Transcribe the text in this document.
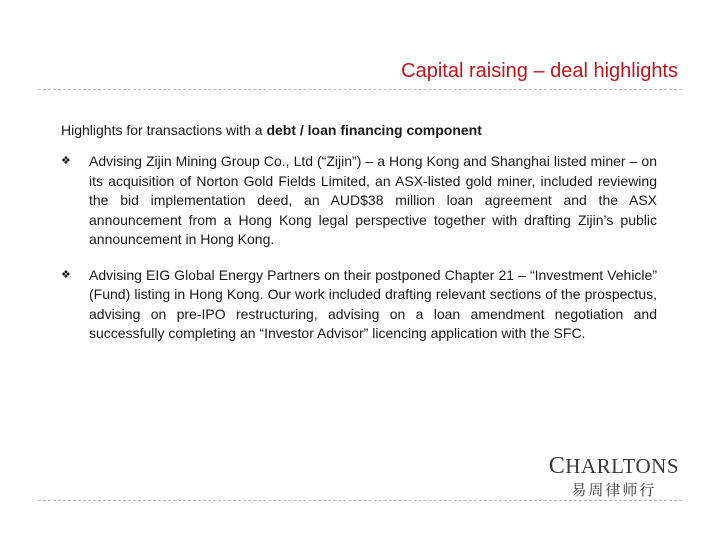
Capital raising – deal highlights

Highlights for transactions with a debt / loan financing component

❖ Advising Zijin Mining Group Co., Ltd (“Zijin”) – a Hong Kong and Shanghai listed miner – on its acquisition of Norton Gold Fields Limited, an ASX-listed gold miner, included reviewing the bid implementation deed, an AUD$38 million loan agreement and the ASX announcement from a Hong Kong legal perspective together with drafting Zijin’s public announcement in Hong Kong.
❖ Advising EIG Global Energy Partners on their postponed Chapter 21 – “Investment Vehicle” (Fund) listing in Hong Kong. Our work included drafting relevant sections of the prospectus, advising on pre-IPO restructuring, advising on a loan amendment negotiation and successfully completing an “Investor Advisor” licencing application with the SFC.
CHARLTONS
易周律师行
